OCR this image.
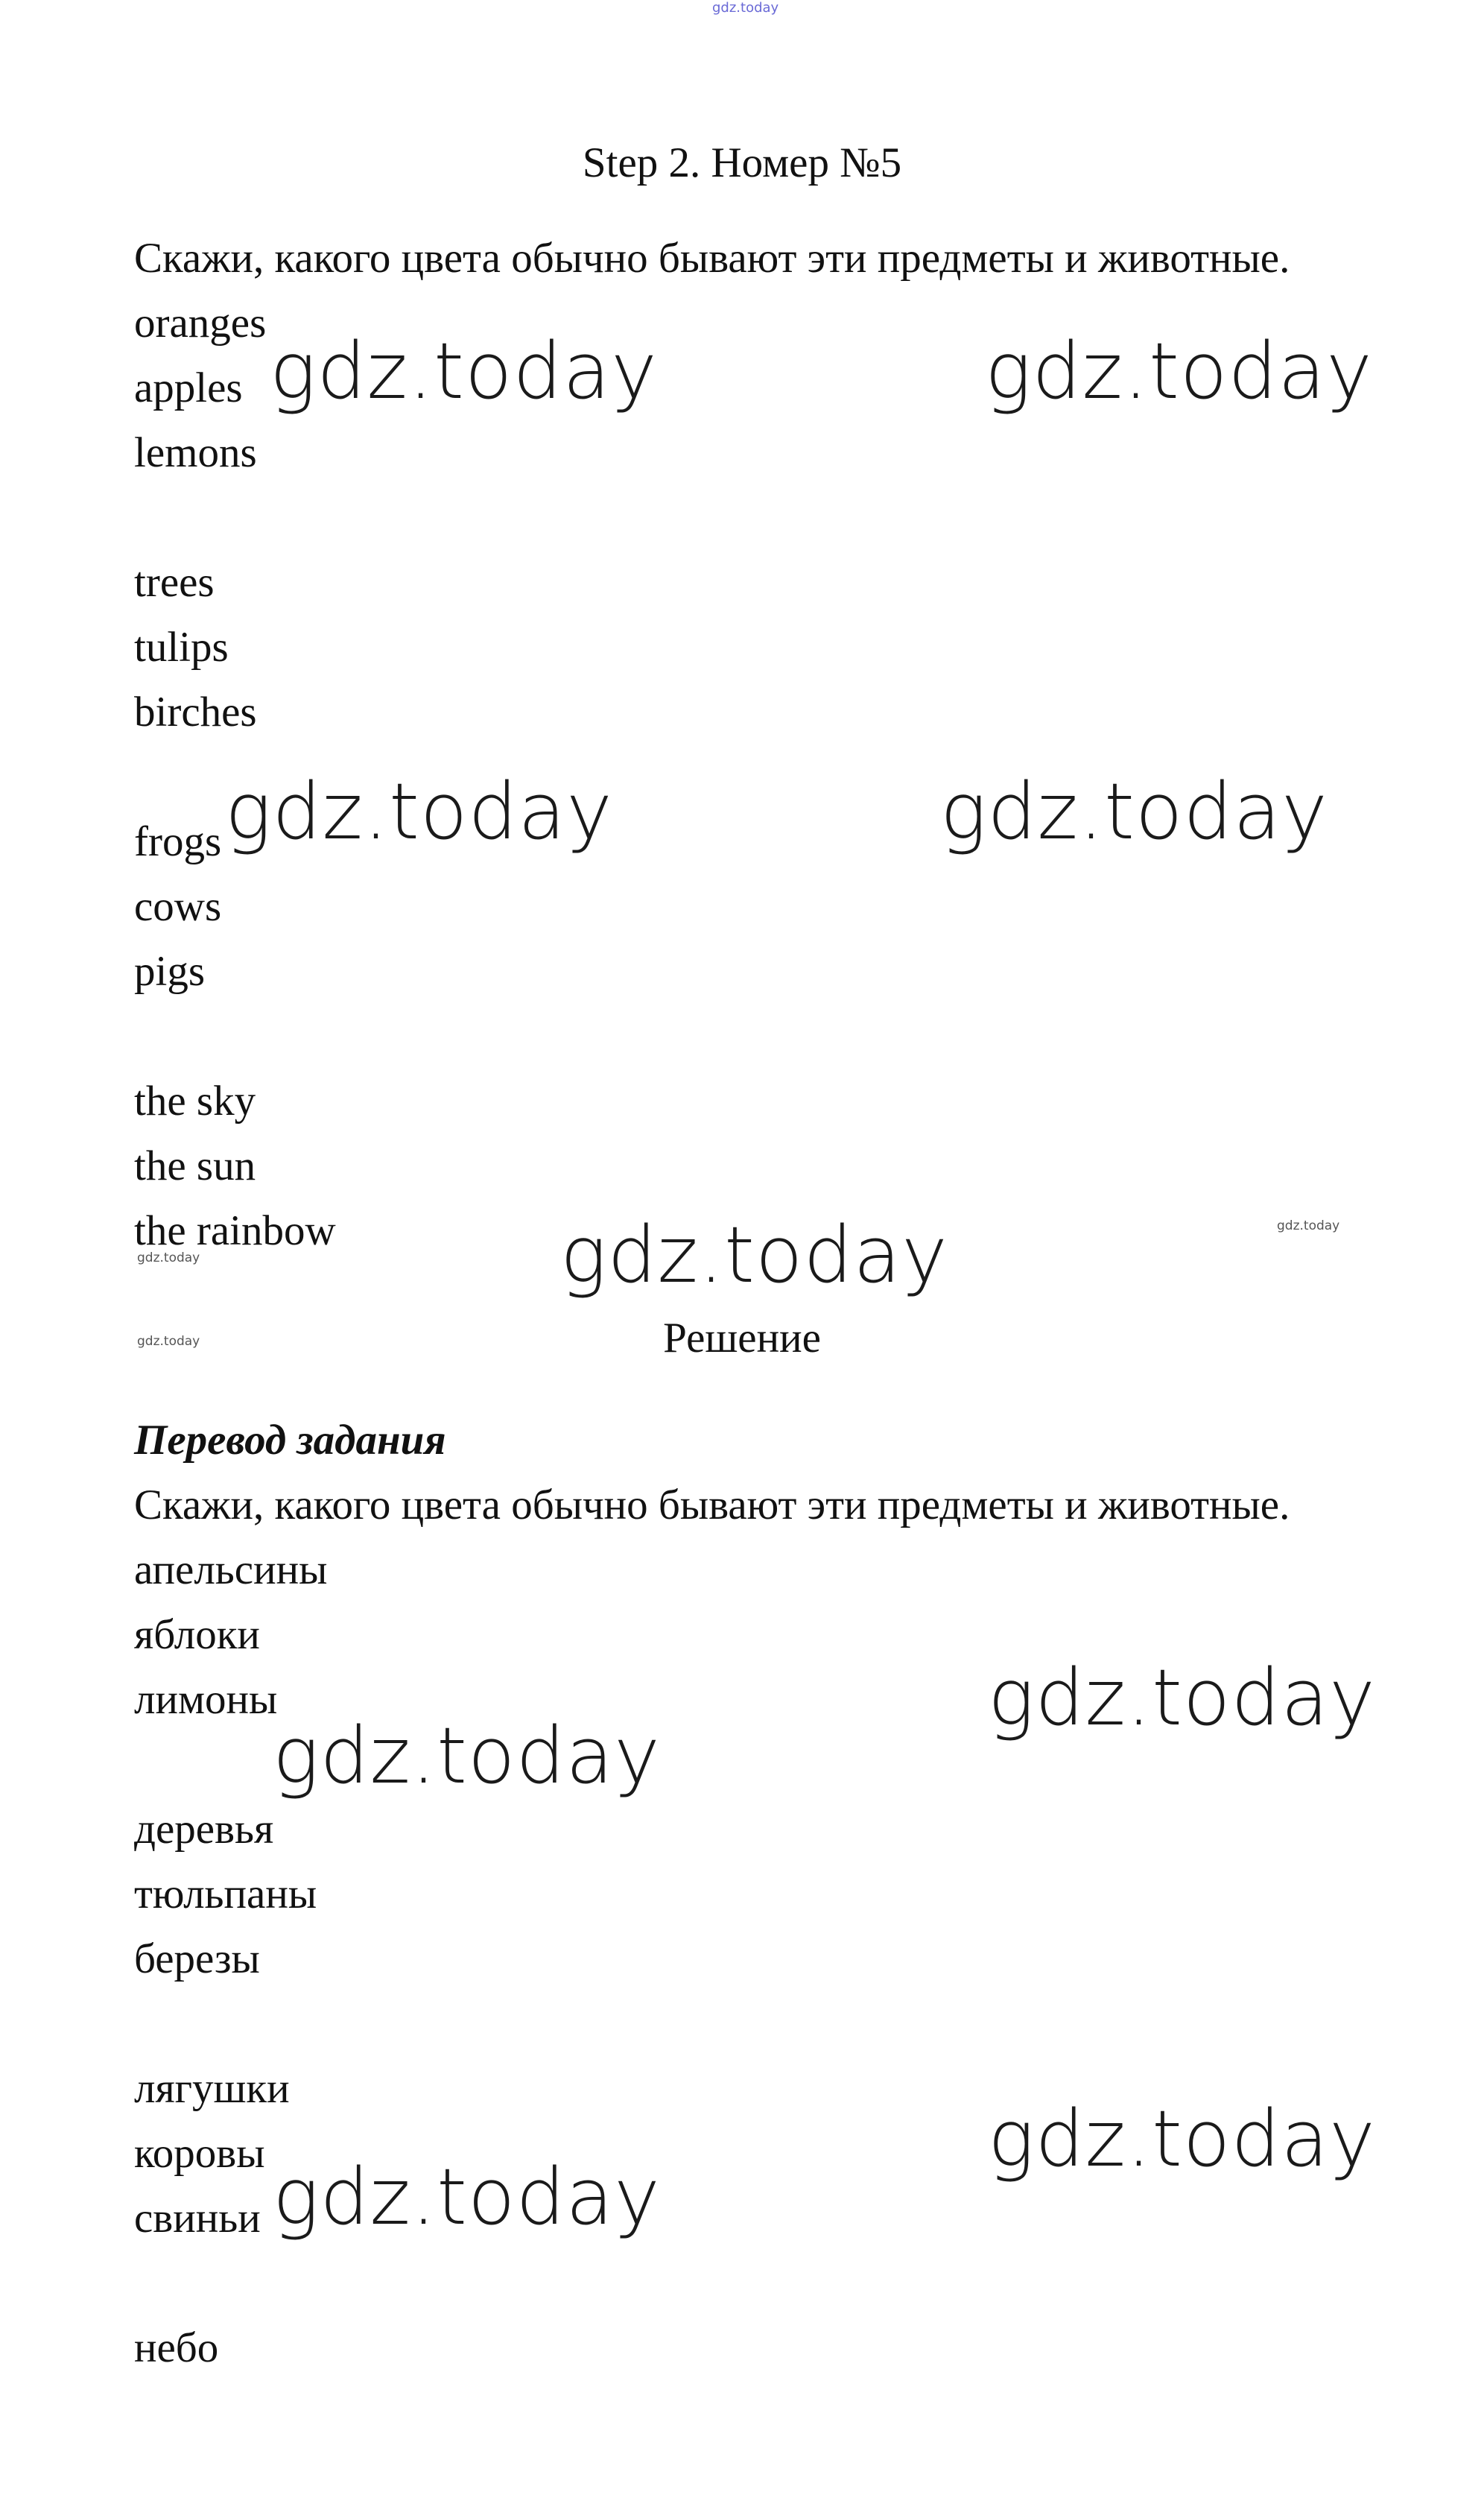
gdz.today
Step 2. Номер №5
Скажи, какого цвета обычно бывают эти предметы и животные.
oranges
apples
lemons
trees
tulips
birches
frogs
cows
pigs
the sky
the sun
the rainbow
Решение
Перевод задания
Скажи, какого цвета обычно бывают эти предметы и животные.
апельсины
яблоки
лимоны
деревья
тюльпаны
березы
лягушки
коровы
свиньи
небо
gdz.today	gdz.today
gdz.today	gdz.today
gdz.today
gdz.today
gdz.today
gdz.today
gdz.today
gdz.today
gdz.today
gdz.today
